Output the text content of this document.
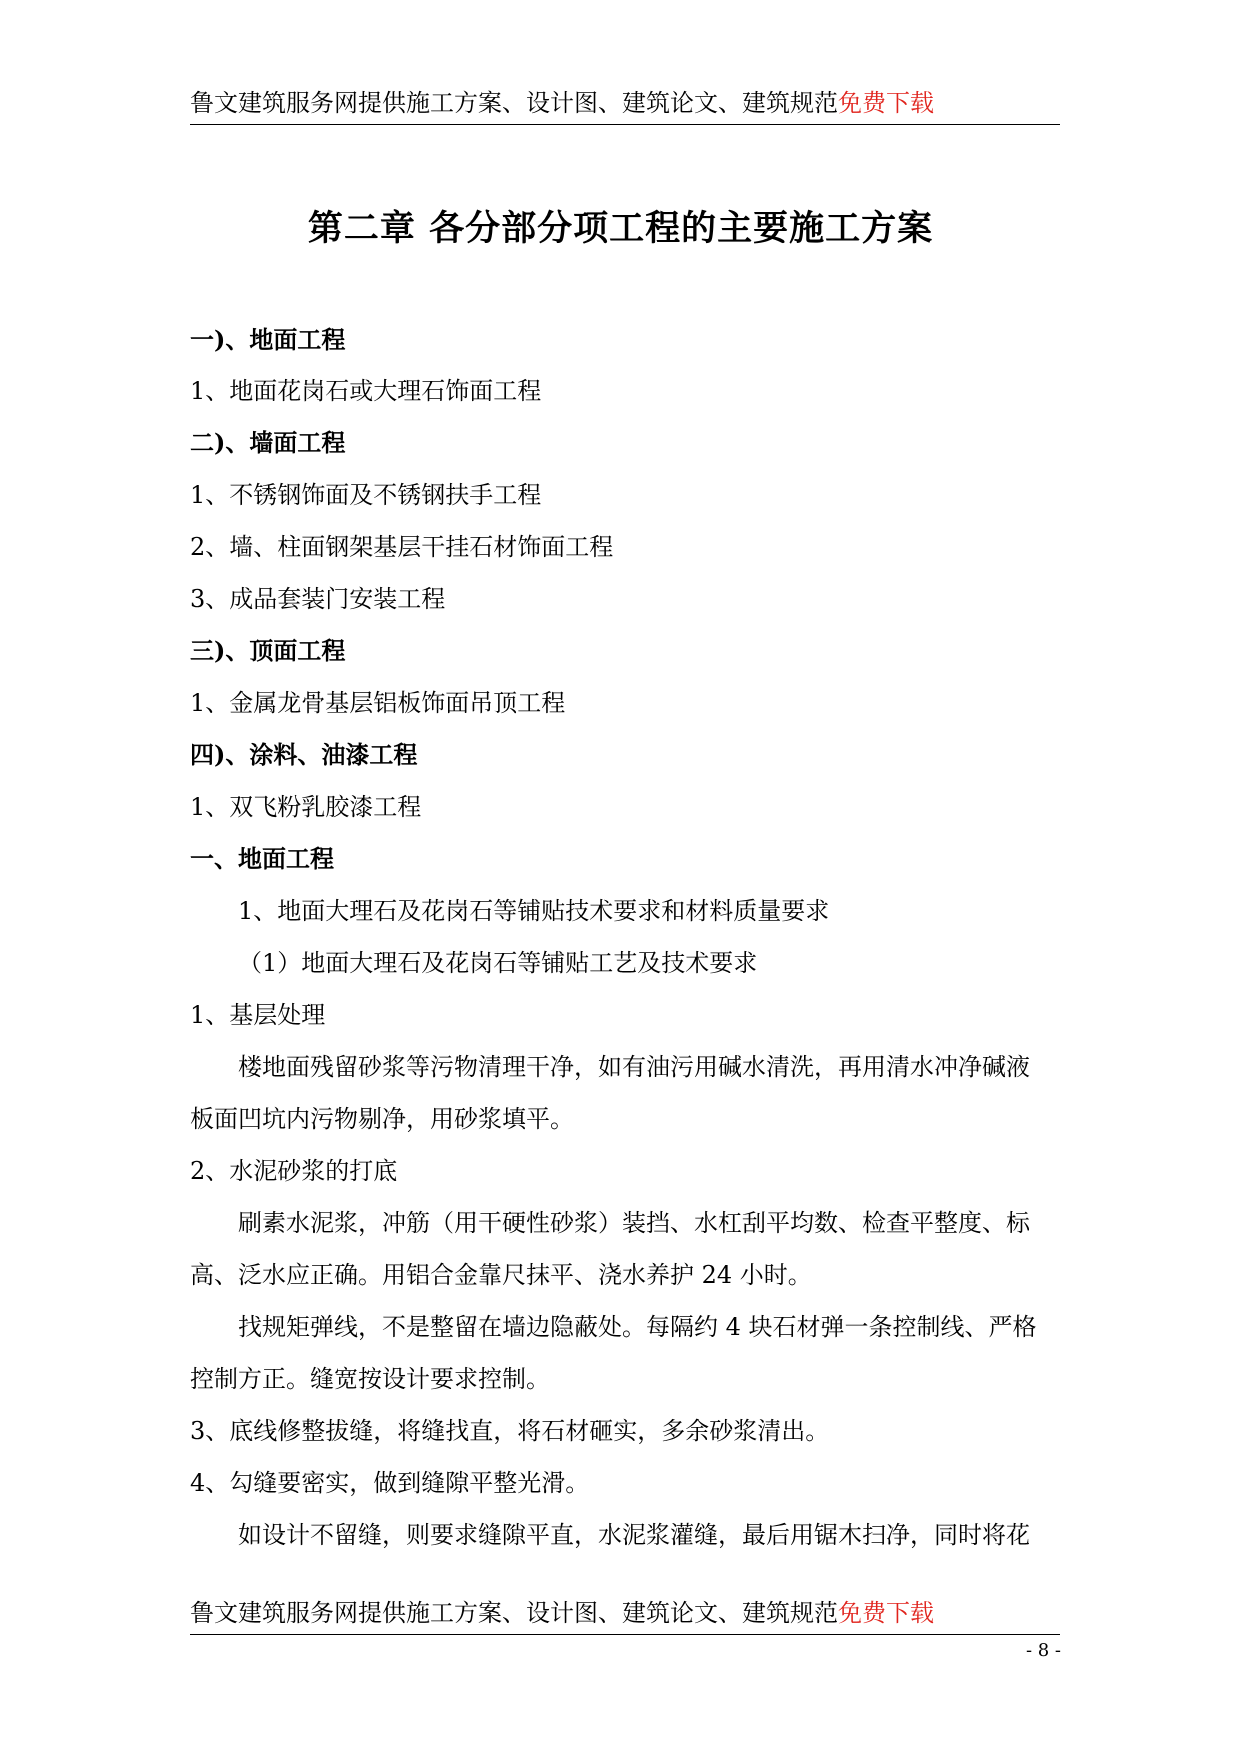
鲁文建筑服务网提供施工方案、设计图、建筑论文、建筑规范免费下载
第二章 各分部分项工程的主要施工方案
一)、地面工程
1、地面花岗石或大理石饰面工程
二)、墙面工程
1、不锈钢饰面及不锈钢扶手工程
2、墙、柱面钢架基层干挂石材饰面工程
3、成品套装门安装工程
三)、顶面工程
1、金属龙骨基层铝板饰面吊顶工程
四)、涂料、油漆工程
1、双飞粉乳胶漆工程
一、地面工程
1、地面大理石及花岗石等铺贴技术要求和材料质量要求
（1）地面大理石及花岗石等铺贴工艺及技术要求
1、基层处理
楼地面残留砂浆等污物清理干净，如有油污用碱水清洗，再用清水冲净碱液
板面凹坑内污物剔净，用砂浆填平。
2、水泥砂浆的打底
刷素水泥浆，冲筋（用干硬性砂浆）装挡、水杠刮平均数、检查平整度、标
高、泛水应正确。用铝合金靠尺抹平、浇水养护 24 小时。
找规矩弹线，不是整留在墙边隐蔽处。每隔约 4 块石材弹一条控制线、严格
控制方正。缝宽按设计要求控制。
3、底线修整拔缝，将缝找直，将石材砸实，多余砂浆清出。
4、勾缝要密实，做到缝隙平整光滑。
如设计不留缝，则要求缝隙平直，水泥浆灌缝，最后用锯木扫净，同时将花
鲁文建筑服务网提供施工方案、设计图、建筑论文、建筑规范免费下载
- 8 -
